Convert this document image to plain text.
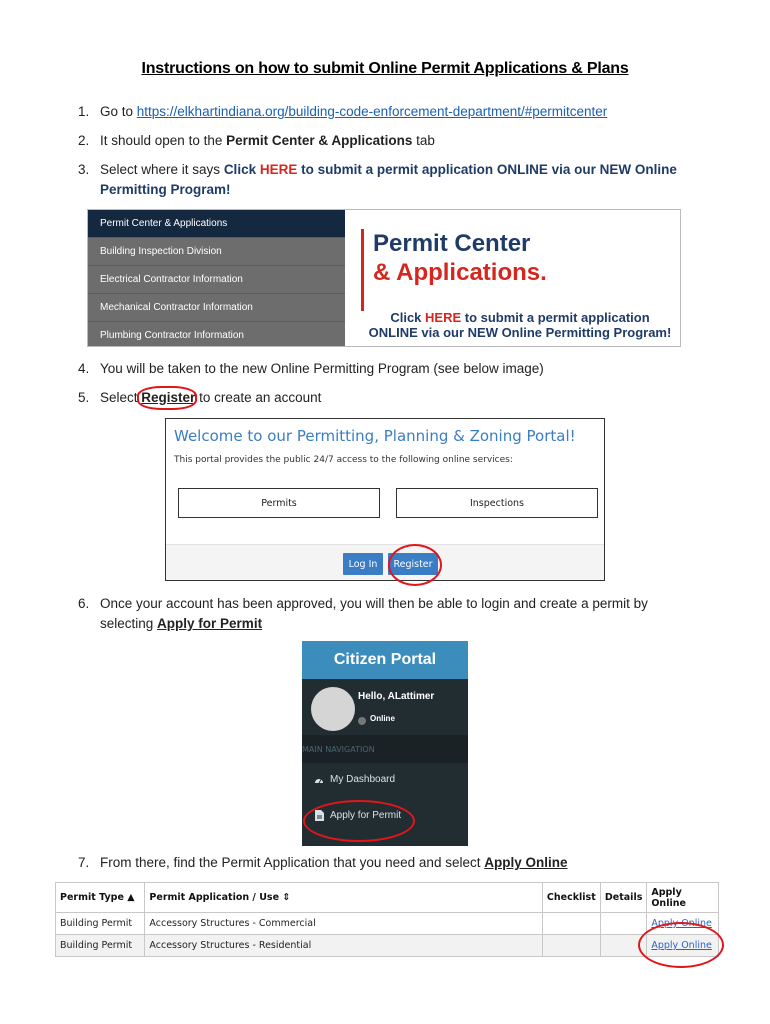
Instructions on how to submit Online Permit Applications & Plans
1. Go to https://elkhartindiana.org/building-code-enforcement-department/#permitcenter
2. It should open to the Permit Center & Applications tab
3. Select where it says Click HERE to submit a permit application ONLINE via our NEW Online Permitting Program!
Permit Center & Applications
Building Inspection Division
Electrical Contractor Information
Mechanical Contractor Information
Plumbing Contractor Information
Permit Center
& Applications.
Click HERE to submit a permit application ONLINE via our NEW Online Permitting Program!
4. You will be taken to the new Online Permitting Program (see below image)
5. Select Register to create an account
Welcome to our Permitting, Planning & Zoning Portal!
This portal provides the public 24/7 access to the following online services:
Permits	Inspections
Log In	Register
6. Once your account has been approved, you will then be able to login and create a permit by selecting Apply for Permit
Citizen Portal
Hello, ALattimer
Online
MAIN NAVIGATION
My Dashboard
Apply for Permit
7. From there, find the Permit Application that you need and select Apply Online
Permit Type ▲	Permit Application / Use ⇕	Checklist	Details	Apply Online
Building Permit	Accessory Structures - Commercial			Apply Online
Building Permit	Accessory Structures - Residential			Apply Online
